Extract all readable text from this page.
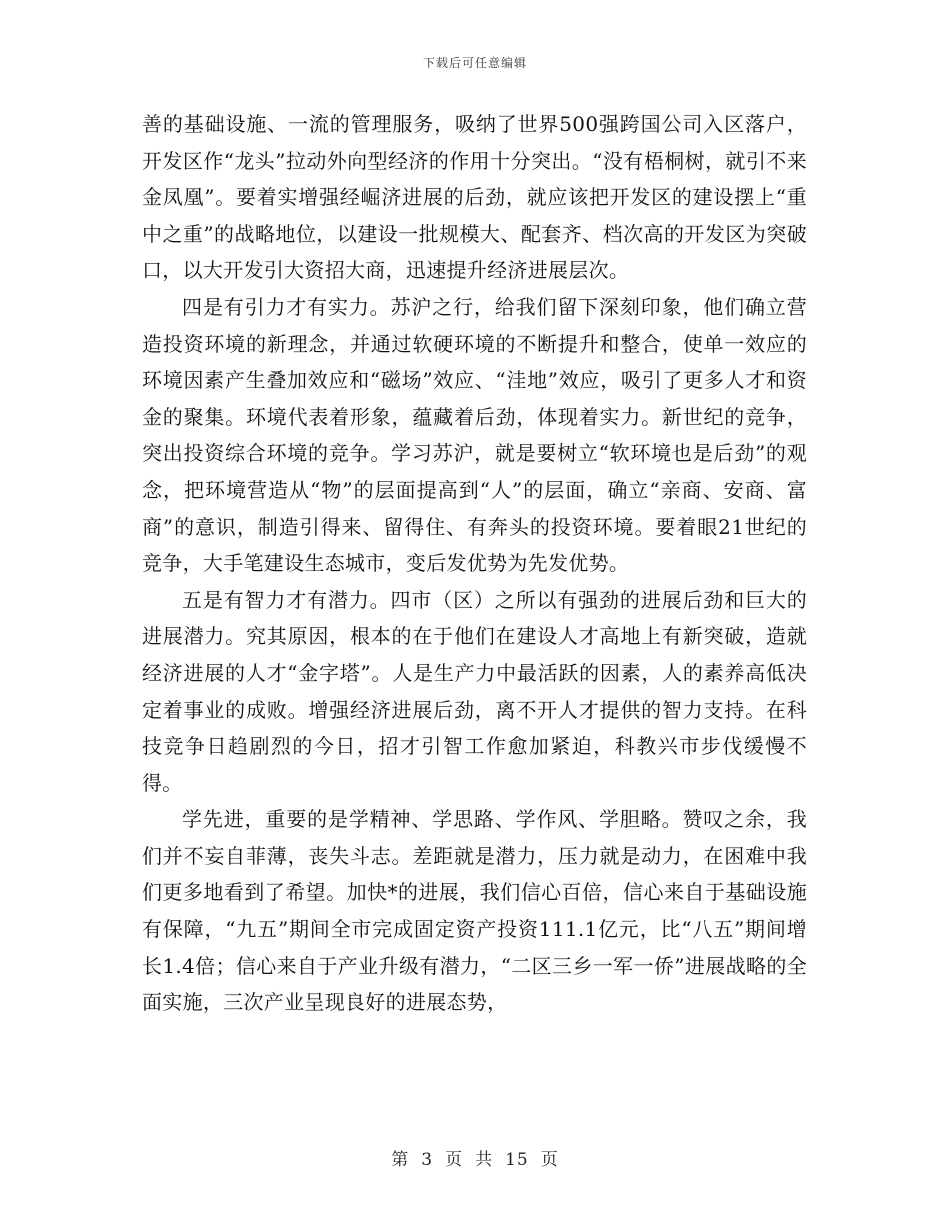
下载后可任意编辑

善的基础设施、一流的管理服务，吸纳了世界500强跨国公司入区落户，开发区作“龙头”拉动外向型经济的作用十分突出。“没有梧桐树，就引不来金凤凰”。要着实增强经崛济进展的后劲，就应该把开发区的建设摆上“重中之重”的战略地位，以建设一批规模大、配套齐、档次高的开发区为突破口，以大开发引大资招大商，迅速提升经济进展层次。

四是有引力才有实力。苏沪之行，给我们留下深刻印象，他们确立营造投资环境的新理念，并通过软硬环境的不断提升和整合，使单一效应的环境因素产生叠加效应和“磁场”效应、“洼地”效应，吸引了更多人才和资金的聚集。环境代表着形象，蕴藏着后劲，体现着实力。新世纪的竞争，突出投资综合环境的竞争。学习苏沪，就是要树立“软环境也是后劲”的观念，把环境营造从“物”的层面提高到“人”的层面，确立“亲商、安商、富商”的意识，制造引得来、留得住、有奔头的投资环境。要着眼21世纪的竞争，大手笔建设生态城市，变后发优势为先发优势。

五是有智力才有潜力。四市（区）之所以有强劲的进展后劲和巨大的进展潜力。究其原因，根本的在于他们在建设人才高地上有新突破，造就经济进展的人才“金字塔”。人是生产力中最活跃的因素，人的素养高低决定着事业的成败。增强经济进展后劲，离不开人才提供的智力支持。在科技竞争日趋剧烈的今日，招才引智工作愈加紧迫，科教兴市步伐缓慢不得。

学先进，重要的是学精神、学思路、学作风、学胆略。赞叹之余，我们并不妄自菲薄，丧失斗志。差距就是潜力，压力就是动力，在困难中我们更多地看到了希望。加快*的进展，我们信心百倍，信心来自于基础设施有保障，“九五”期间全市完成固定资产投资111.1亿元，比“八五”期间增长1.4倍；信心来自于产业升级有潜力，“二区三乡一军一侨”进展战略的全面实施，三次产业呈现良好的进展态势，

第 3 页 共 15 页
